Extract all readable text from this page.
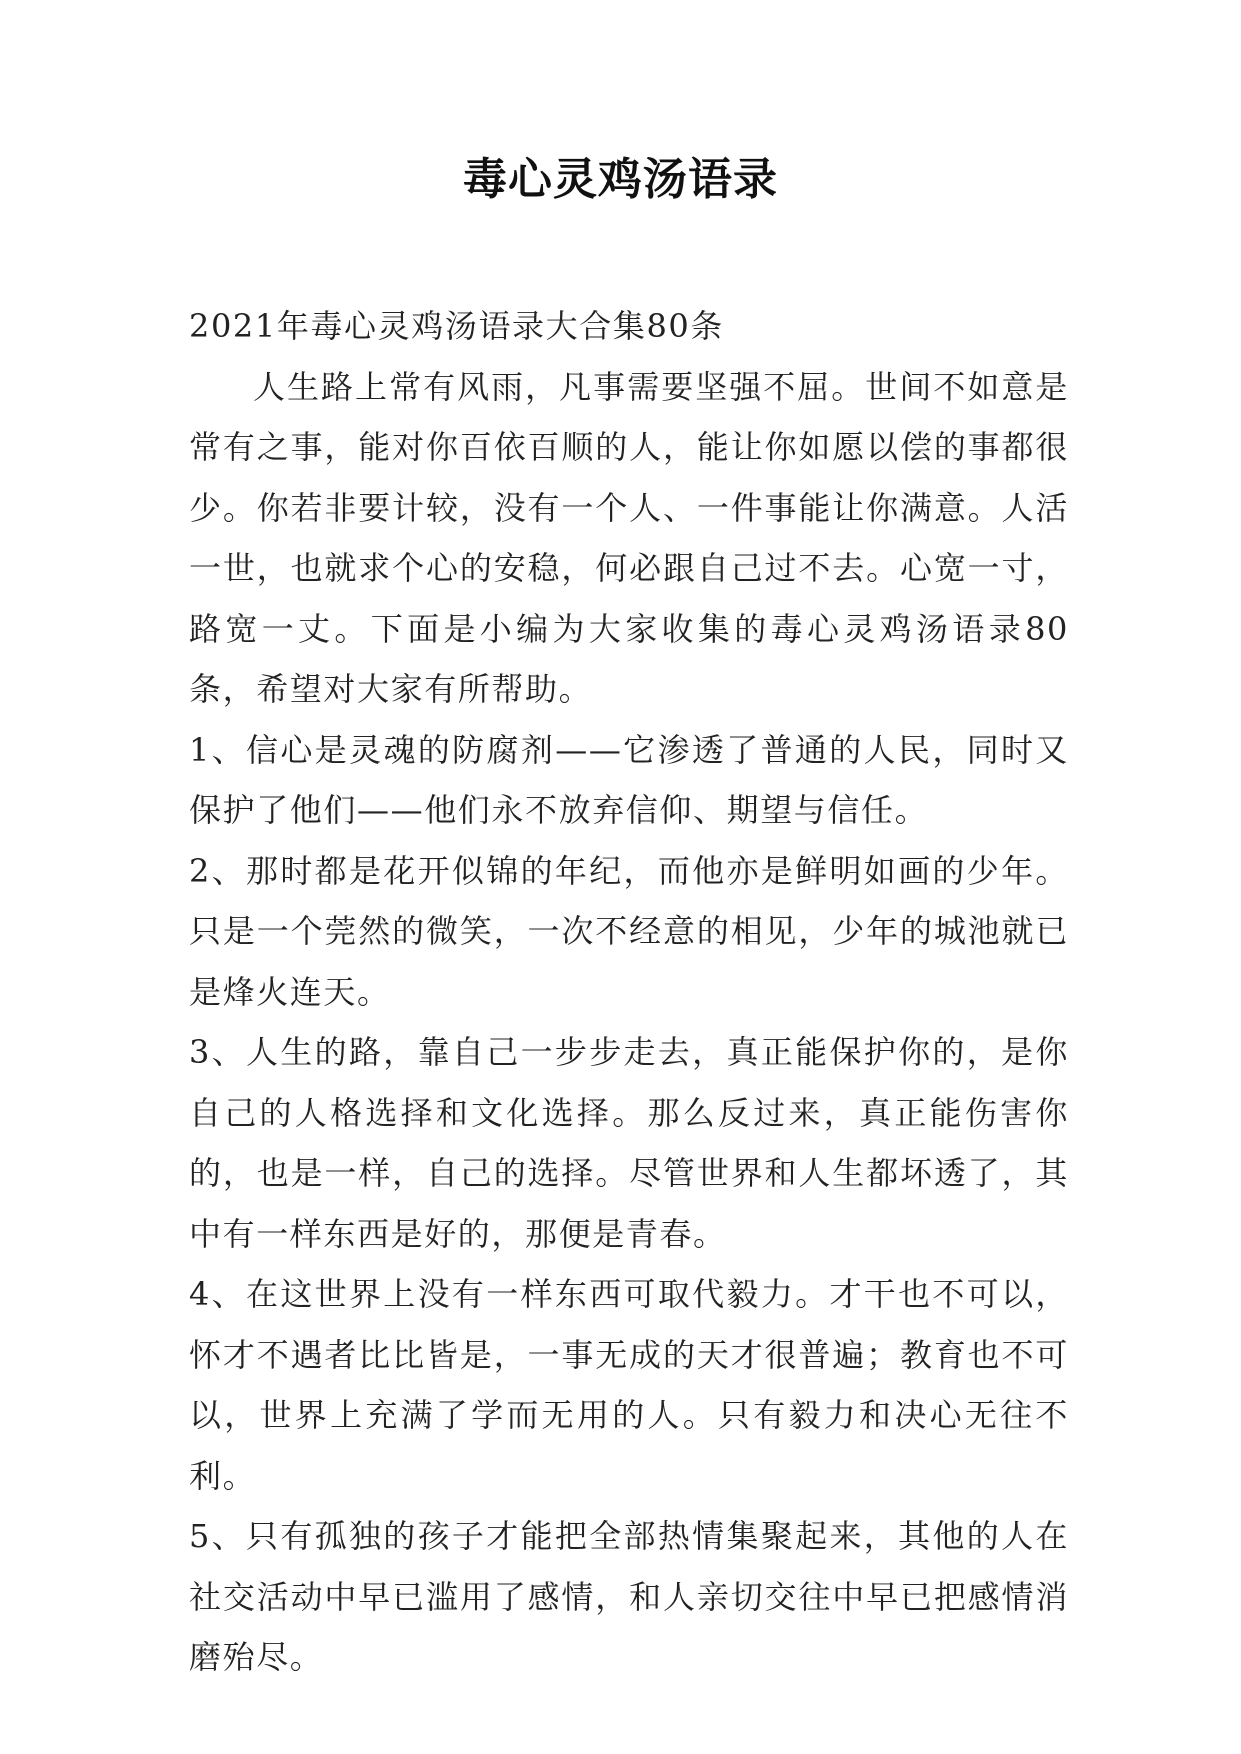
毒心灵鸡汤语录

2021年毒心灵鸡汤语录大合集80条

人生路上常有风雨，凡事需要坚强不屈。世间不如意是常有之事，能对你百依百顺的人，能让你如愿以偿的事都很少。你若非要计较，没有一个人、一件事能让你满意。人活一世，也就求个心的安稳，何必跟自己过不去。心宽一寸，路宽一丈。下面是小编为大家收集的毒心灵鸡汤语录80条，希望对大家有所帮助。

1、信心是灵魂的防腐剂——它渗透了普通的人民，同时又保护了他们——他们永不放弃信仰、期望与信任。

2、那时都是花开似锦的年纪，而他亦是鲜明如画的少年。只是一个莞然的微笑，一次不经意的相见，少年的城池就已是烽火连天。

3、人生的路，靠自己一步步走去，真正能保护你的，是你自己的人格选择和文化选择。那么反过来，真正能伤害你的，也是一样，自己的选择。尽管世界和人生都坏透了，其中有一样东西是好的，那便是青春。

4、在这世界上没有一样东西可取代毅力。才干也不可以，怀才不遇者比比皆是，一事无成的天才很普遍；教育也不可以，世界上充满了学而无用的人。只有毅力和决心无往不利。

5、只有孤独的孩子才能把全部热情集聚起来，其他的人在社交活动中早已滥用了感情，和人亲切交往中早已把感情消磨殆尽。
